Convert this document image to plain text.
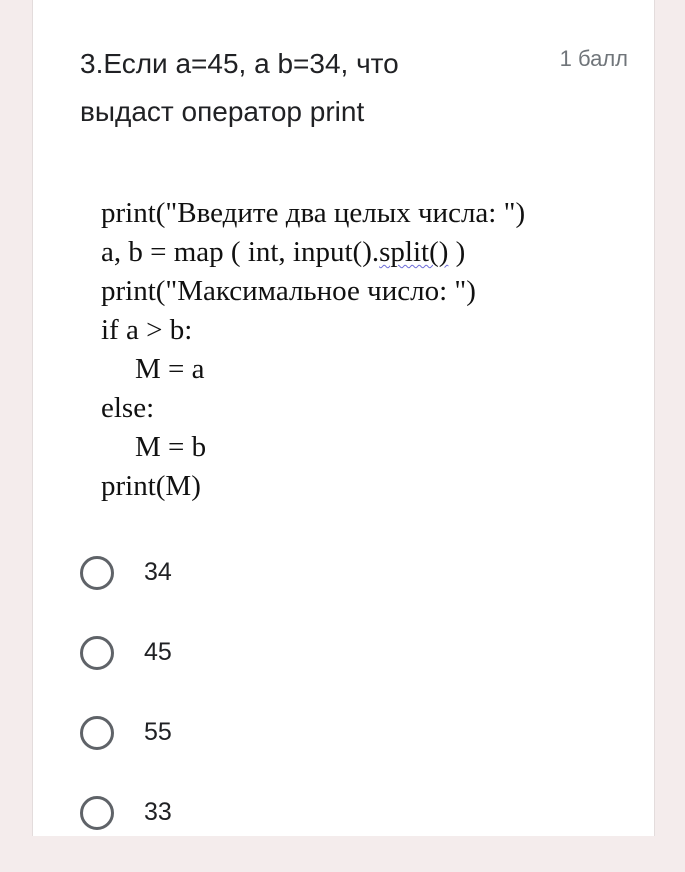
3.Если a=45, а b=34, что
выдаст оператор print
1 балл
print("Введите два целых числа: ")
a, b = map ( int, input().split() )
print("Максимальное число: ")
if a > b:
M = a
else:
M = b
print(M)
34
45
55
33
